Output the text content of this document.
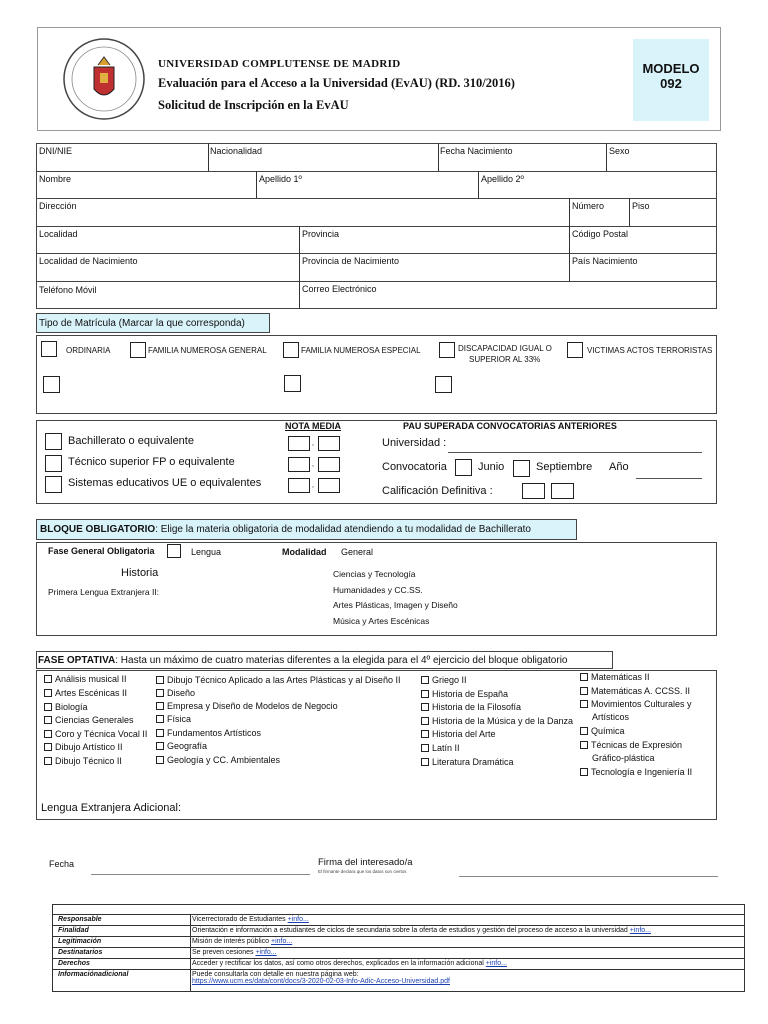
UNIVERSIDAD COMPLUTENSE DE MADRID
Evaluación para el Acceso a la Universidad (EvAU) (RD. 310/2016)
Solicitud de Inscripción en la EvAU
MODELO
092
DNI/NIE	Nacionalidad	Fecha Nacimiento	Sexo
Nombre	Apellido 1º	Apellido 2º
Dirección	Número	Piso
Localidad	Provincia	Código Postal
Localidad de Nacimiento	Provincia de Nacimiento	País Nacimiento
Teléfono Móvil	Correo Electrónico
Tipo de Matrícula (Marcar la que corresponda)
ORDINARIA	FAMILIA NUMEROSA GENERAL	FAMILIA NUMEROSA ESPECIAL	DISCAPACIDAD IGUAL O
SUPERIOR AL 33%
VICTIMAS ACTOS TERRORISTAS
Bachillerato o equivalente
Técnico superior FP o equivalente
Sistemas educativos UE o equivalentes
NOTA MEDIA
,
,
,
PAU SUPERADA CONVOCATORIAS ANTERIORES
Universidad :
Convocatoria	Junio	Septiembre Año
Calificación Definitiva :
BLOQUE OBLIGATORIO: Elige la materia obligatoria de modalidad atendiendo a tu modalidad de Bachillerato
Fase General Obligatoria	Lengua	Modalidad General
Historia
Primera Lengua Extranjera II:
Ciencias y Tecnología
Humanidades y CC.SS.
Artes Plásticas, Imagen y Diseño
Música y Artes Escénicas
FASE OPTATIVA: Hasta un máximo de cuatro materias diferentes a la elegida para el 4º ejercicio del bloque obligatorio
Análisis musical II
Artes Escénicas II
Biología
Ciencias Generales
Coro y Técnica Vocal II
Dibujo Artístico II
Dibujo Técnico II
Dibujo Técnico Aplicado a las Artes Plásticas y al Diseño II
Diseño
Empresa y Diseño de Modelos de Negocio
Física
Fundamentos Artísticos
Geografía
Geología y CC. Ambientales
Griego II
Historia de España
Historia de la Filosofía
Historia de la Música y de la Danza
Historia del Arte
Latín II
Literatura Dramática
Matemáticas II
Matemáticas A. CCSS. II
Movimientos Culturales y
Artísticos
Química
Técnicas de Expresión
Gráfico-plástica
Tecnología e Ingeniería II
Lengua Extranjera Adicional:
Fecha	Firma del interesado/a
El firmante declara que los datos son ciertos
Responsable	Vicerrectorado de Estudiantes +info...
Finalidad	Orientación e información a estudiantes de ciclos de secundaria sobre la oferta de estudios y gestión del proceso de acceso a la universidad +info...
Legitimación	Misión de interés público +info...
Destinatarios	Se preven cesiones +info...
Derechos	Acceder y rectificar los datos, así como otros derechos, explicados en la información adicional +info...
Informaciónadicional	Puede consultarla con detalle en nuestra página web:
https://www.ucm.es/data/cont/docs/3-2020-02-03-Info-Adic-Acceso-Universidad.pdf
